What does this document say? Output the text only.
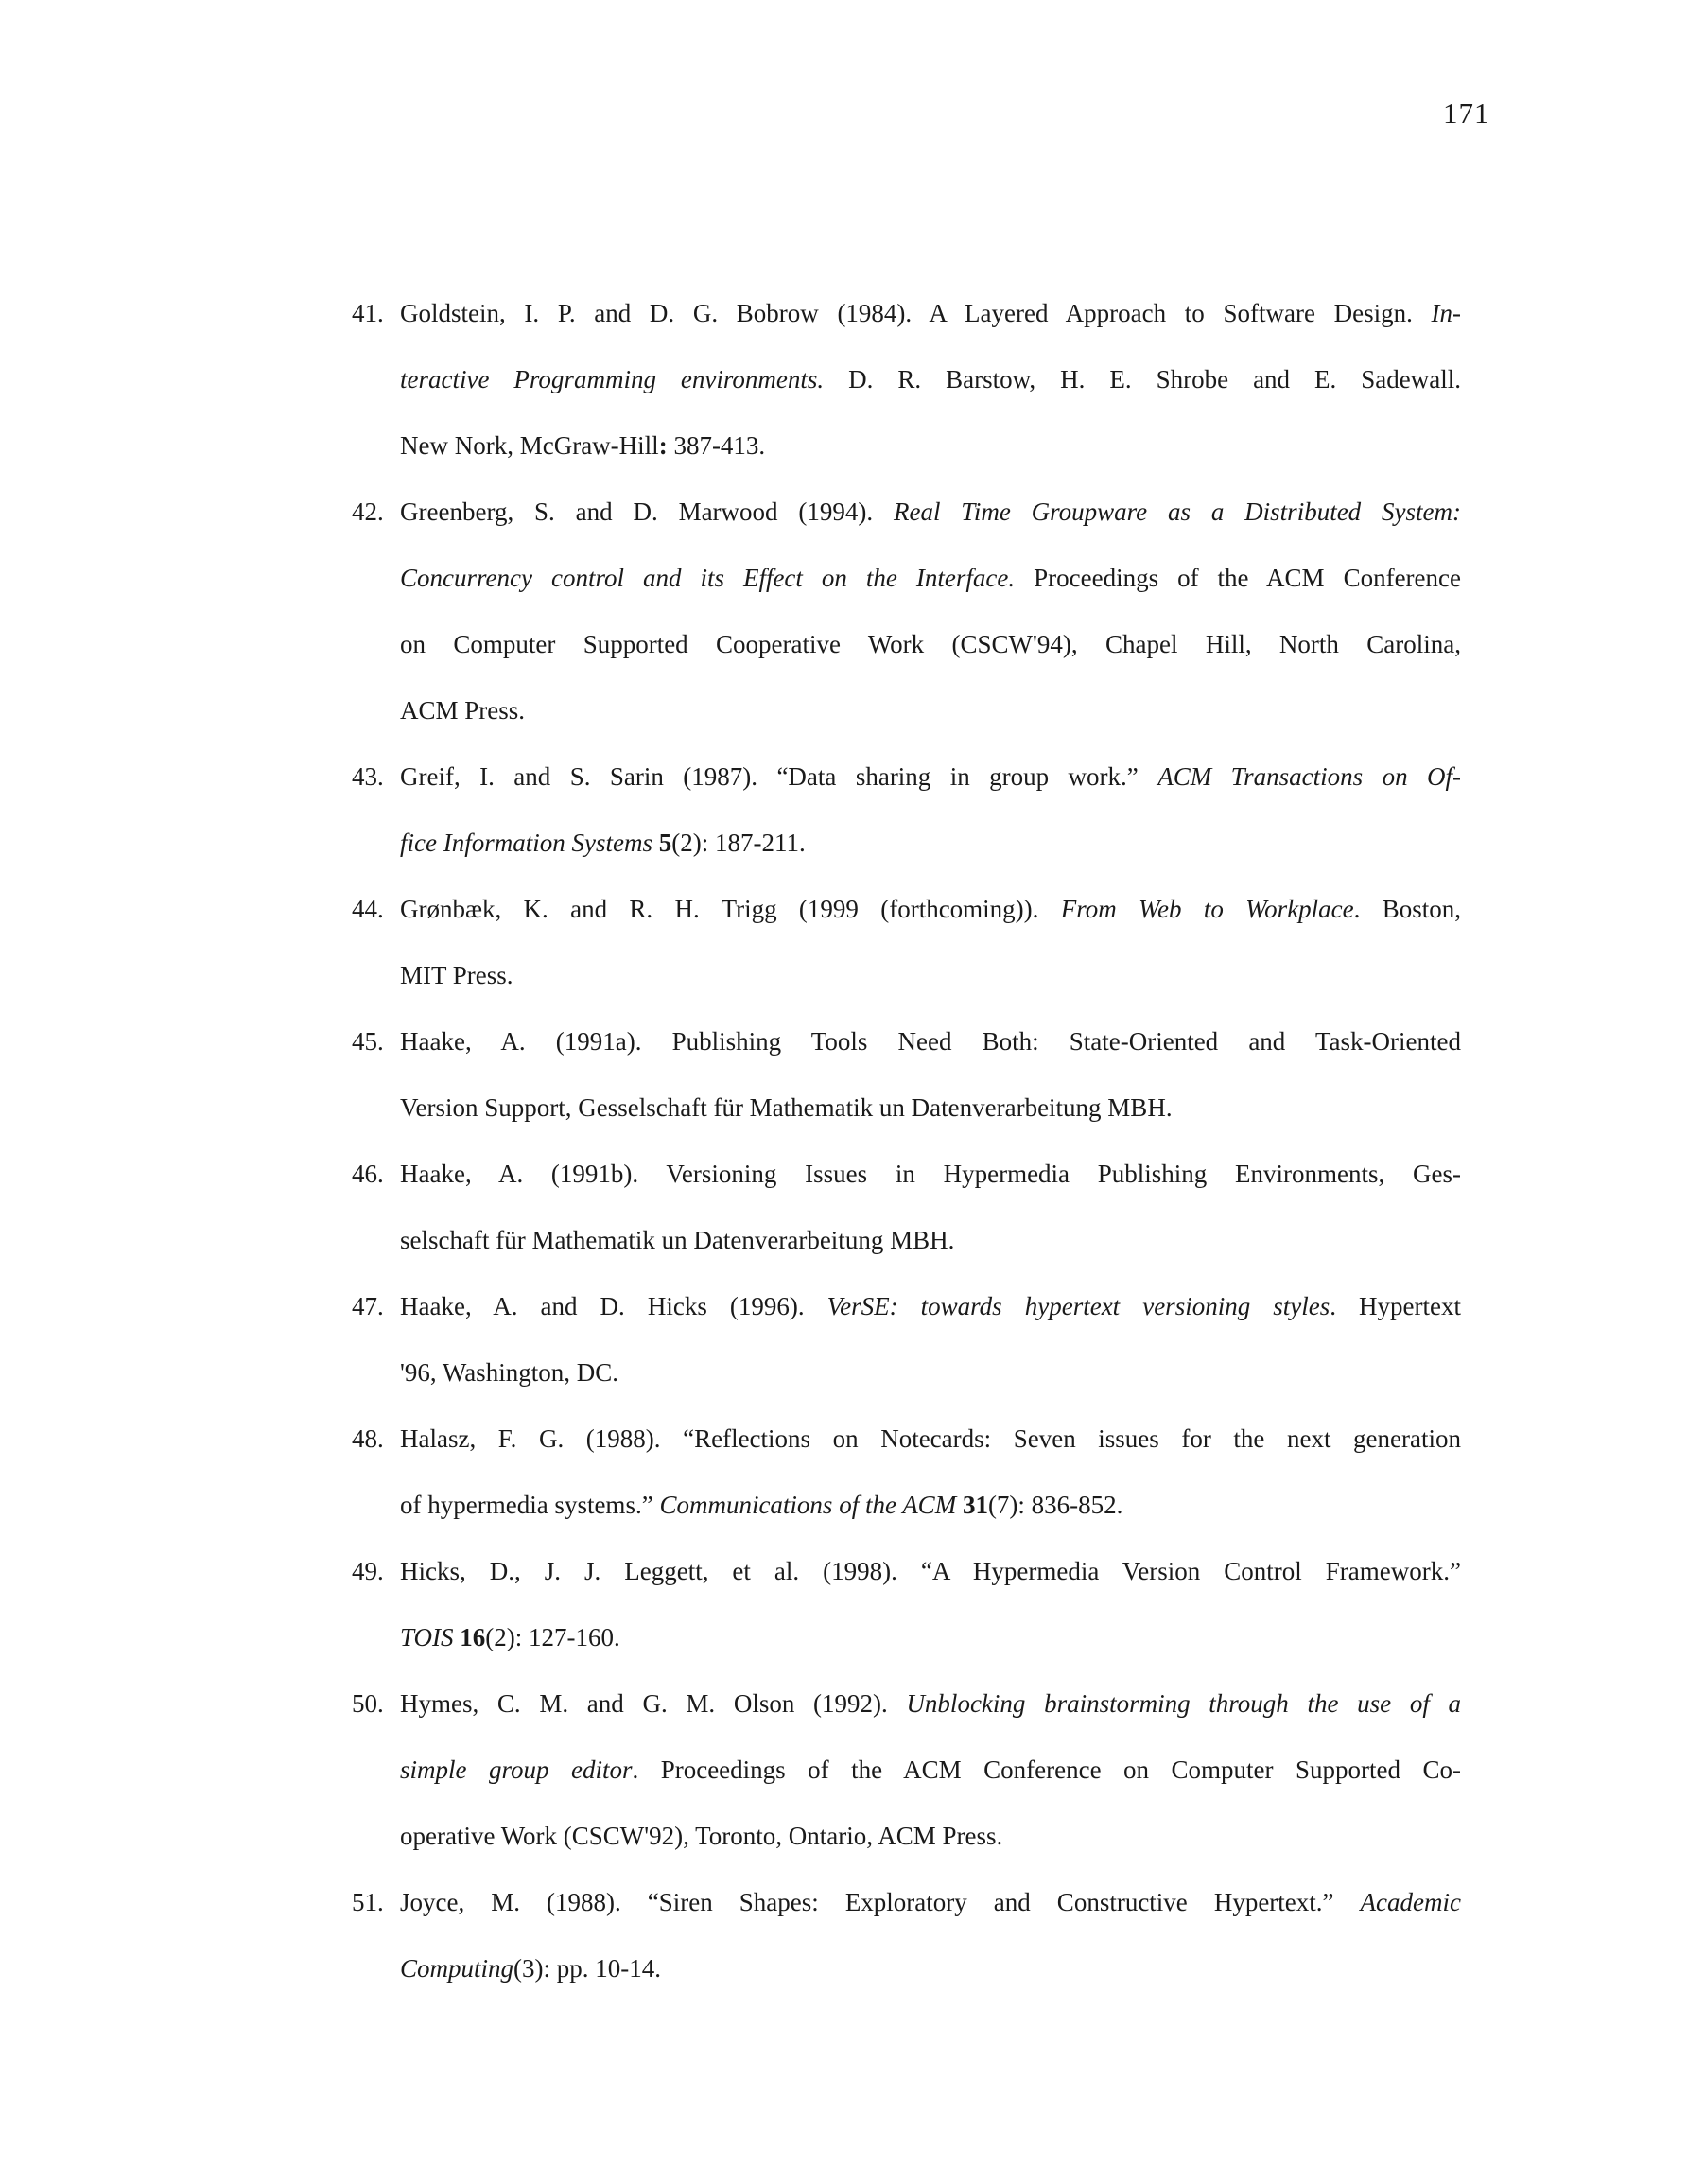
171
41. Goldstein, I. P. and D. G. Bobrow (1984). A Layered Approach to Software Design. In-
teractive Programming environments. D. R. Barstow, H. E. Shrobe and E. Sadewall.
New Nork, McGraw-Hill: 387-413.
42. Greenberg, S. and D. Marwood (1994). Real Time Groupware as a Distributed System:
Concurrency control and its Effect on the Interface. Proceedings of the ACM Conference
on Computer Supported Cooperative Work (CSCW'94), Chapel Hill, North Carolina,
ACM Press.
43. Greif, I. and S. Sarin (1987). “Data sharing in group work.” ACM Transactions on Of-
fice Information Systems 5(2): 187-211.
44. Grønbæk, K. and R. H. Trigg (1999 (forthcoming)). From Web to Workplace. Boston,
MIT Press.
45. Haake, A. (1991a). Publishing Tools Need Both: State-Oriented and Task-Oriented
Version Support, Gesselschaft für Mathematik un Datenverarbeitung MBH.
46. Haake, A. (1991b). Versioning Issues in Hypermedia Publishing Environments, Ges-
selschaft für Mathematik un Datenverarbeitung MBH.
47. Haake, A. and D. Hicks (1996). VerSE: towards hypertext versioning styles. Hypertext
'96, Washington, DC.
48. Halasz, F. G. (1988). “Reflections on Notecards: Seven issues for the next generation
of hypermedia systems.” Communications of the ACM 31(7): 836-852.
49. Hicks, D., J. J. Leggett, et al. (1998). “A Hypermedia Version Control Framework.”
TOIS 16(2): 127-160.
50. Hymes, C. M. and G. M. Olson (1992). Unblocking brainstorming through the use of a
simple group editor. Proceedings of the ACM Conference on Computer Supported Co-
operative Work (CSCW'92), Toronto, Ontario, ACM Press.
51. Joyce, M. (1988). “Siren Shapes: Exploratory and Constructive Hypertext.” Academic
Computing(3): pp. 10-14.
